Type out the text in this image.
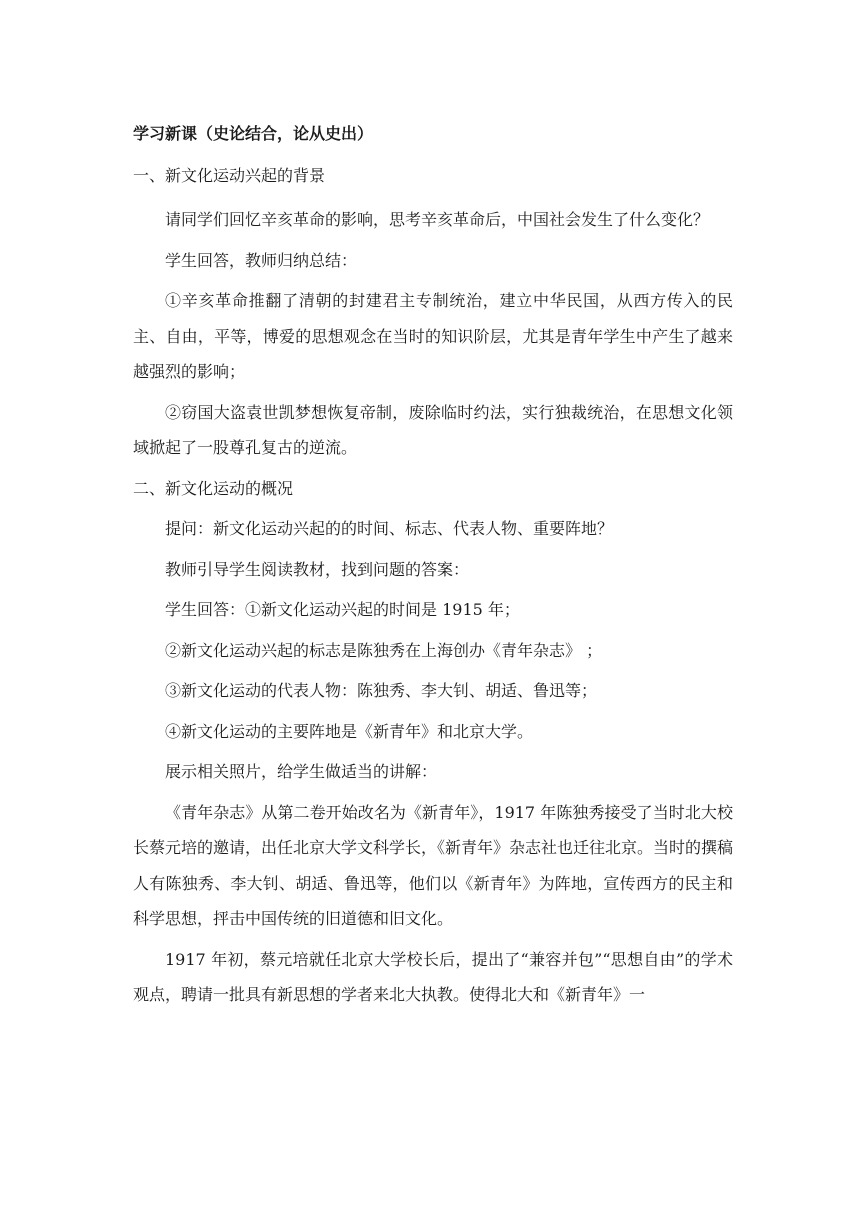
学习新课（史论结合，论从史出）

一、新文化运动兴起的背景

请同学们回忆辛亥革命的影响，思考辛亥革命后，中国社会发生了什么变化？

学生回答，教师归纳总结：

①辛亥革命推翻了清朝的封建君主专制统治，建立中华民国，从西方传入的民主、自由，平等，博爱的思想观念在当时的知识阶层，尤其是青年学生中产生了越来越强烈的影响；

②窃国大盗袁世凯梦想恢复帝制，废除临时约法，实行独裁统治，在思想文化领域掀起了一股尊孔复古的逆流。

二、新文化运动的概况

提问：新文化运动兴起的的时间、标志、代表人物、重要阵地？

教师引导学生阅读教材，找到问题的答案：

学生回答：①新文化运动兴起的时间是 1915 年；

②新文化运动兴起的标志是陈独秀在上海创办《青年杂志》 ；

③新文化运动的代表人物：陈独秀、李大钊、胡适、鲁迅等；

④新文化运动的主要阵地是《新青年》和北京大学。

展示相关照片，给学生做适当的讲解：

《青年杂志》从第二卷开始改名为《新青年》，1917 年陈独秀接受了当时北大校长蔡元培的邀请，出任北京大学文科学长，《新青年》杂志社也迁往北京。当时的撰稿人有陈独秀、李大钊、胡适、鲁迅等，他们以《新青年》为阵地，宣传西方的民主和科学思想，抨击中国传统的旧道德和旧文化。

1917 年初，蔡元培就任北京大学校长后，提出了“兼容并包”“思想自由”的学术观点，聘请一批具有新思想的学者来北大执教。使得北大和《新青年》一
